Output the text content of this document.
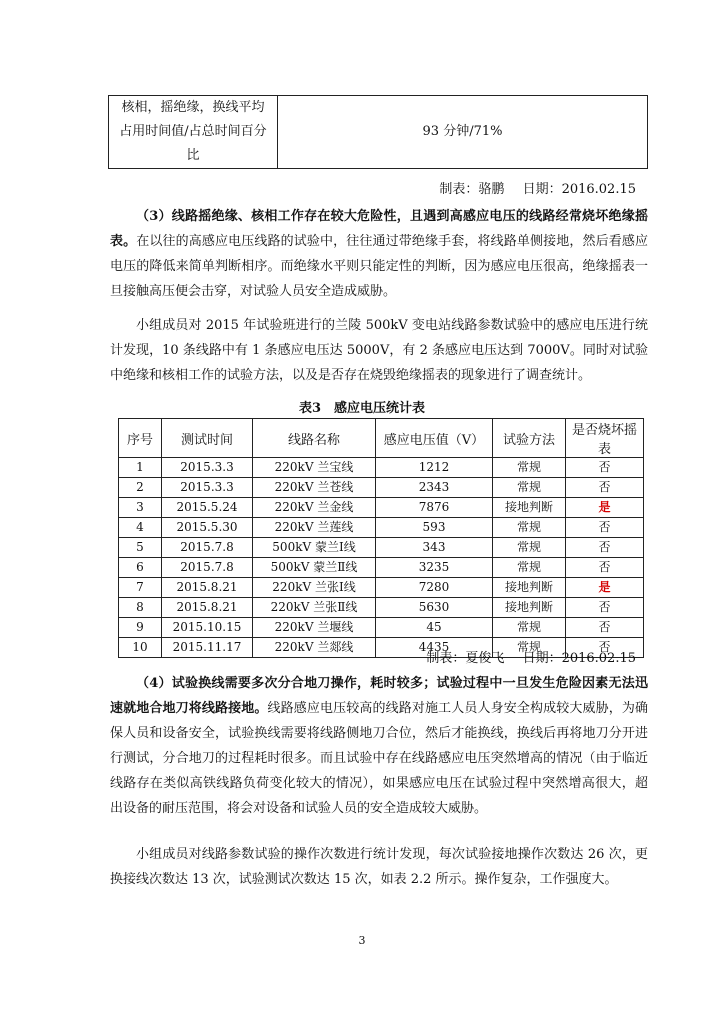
核相，摇绝缘，换线平均
占用时间值/占总时间百分
比
	93 分钟/71%
制表：骆鹏 日期：2016.02.15

（3）线路摇绝缘、核相工作存在较大危险性，且遇到高感应电压的线路经常烧坏绝缘摇表。在以往的高感应电压线路的试验中，往往通过带绝缘手套，将线路单侧接地，然后看感应电压的降低来简单判断相序。而绝缘水平则只能定性的判断，因为感应电压很高，绝缘摇表一旦接触高压便会击穿，对试验人员安全造成威胁。

小组成员对 2015 年试验班进行的兰陵 500kV 变电站线路参数试验中的感应电压进行统计发现，10 条线路中有 1 条感应电压达 5000V，有 2 条感应电压达到 7000V。同时对试验中绝缘和核相工作的试验方法，以及是否存在烧毁绝缘摇表的现象进行了调查统计。

表3　感应电压统计表
序号	测试时间	线路名称	感应电压值（V）	试验方法	是否烧坏摇表
1	2015.3.3	220kV 兰宝线	1212	常规	否
2	2015.3.3	220kV 兰苍线	2343	常规	否
3	2015.5.24	220kV 兰金线	7876	接地判断	是
4	2015.5.30	220kV 兰莲线	593	常规	否
5	2015.7.8	500kV 蒙兰Ⅰ线	343	常规	否
6	2015.7.8	500kV 蒙兰Ⅱ线	3235	常规	否
7	2015.8.21	220kV 兰张Ⅰ线	7280	接地判断	是
8	2015.8.21	220kV 兰张Ⅱ线	5630	接地判断	否
9	2015.10.15	220kV 兰堰线	45	常规	否
10	2015.11.17	220kV 兰郯线	4435	常规	否
制表：夏俊飞 日期：2016.02.15

（4）试验换线需要多次分合地刀操作，耗时较多；试验过程中一旦发生危险因素无法迅速就地合地刀将线路接地。线路感应电压较高的线路对施工人员人身安全构成较大威胁，为确保人员和设备安全，试验换线需要将线路侧地刀合位，然后才能换线，换线后再将地刀分开进行测试，分合地刀的过程耗时很多。而且试验中存在线路感应电压突然增高的情况（由于临近线路存在类似高铁线路负荷变化较大的情况），如果感应电压在试验过程中突然增高很大，超出设备的耐压范围，将会对设备和试验人员的安全造成较大威胁。

小组成员对线路参数试验的操作次数进行统计发现，每次试验接地操作次数达 26 次，更换接线次数达 13 次，试验测试次数达 15 次，如表 2.2 所示。操作复杂，工作强度大。

3
